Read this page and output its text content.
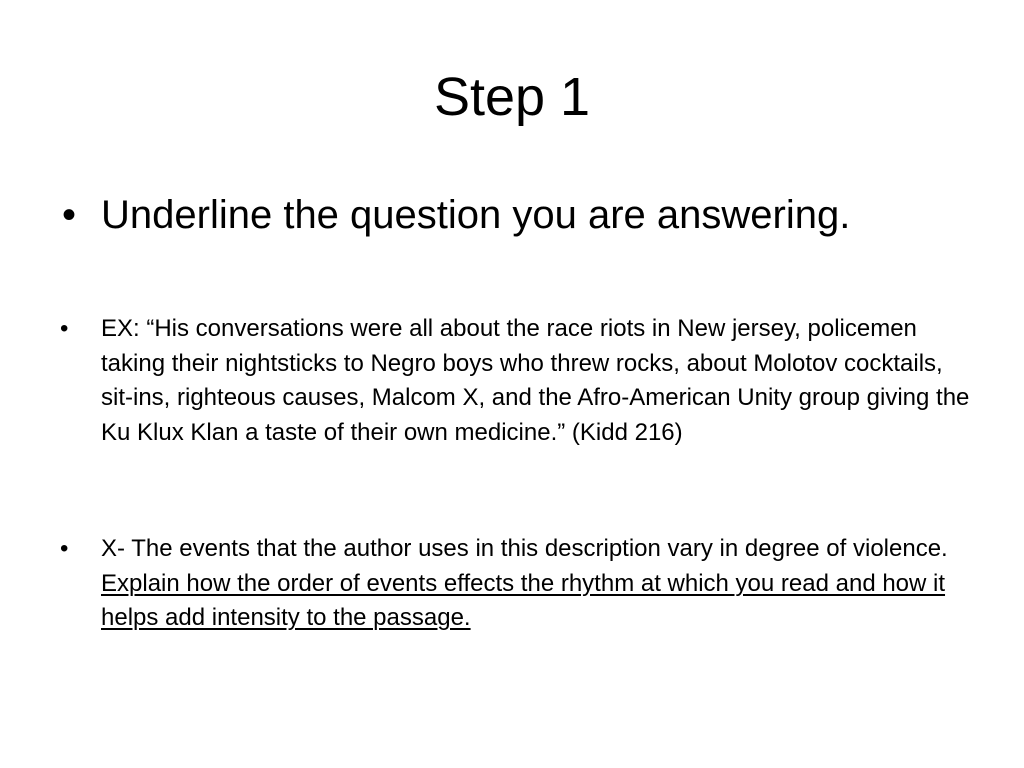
Step 1
• Underline the question you are answering.
• EX: “His conversations were all about the race riots in New jersey, policemen taking their nightsticks to Negro boys who threw rocks, about Molotov cocktails, sit-ins, righteous causes, Malcom X, and the Afro-American Unity group giving the Ku Klux Klan a taste of their own medicine.” (Kidd 216)
• X- The events that the author uses in this description vary in degree of violence. Explain how the order of events effects the rhythm at which you read and how it helps add intensity to the passage.
